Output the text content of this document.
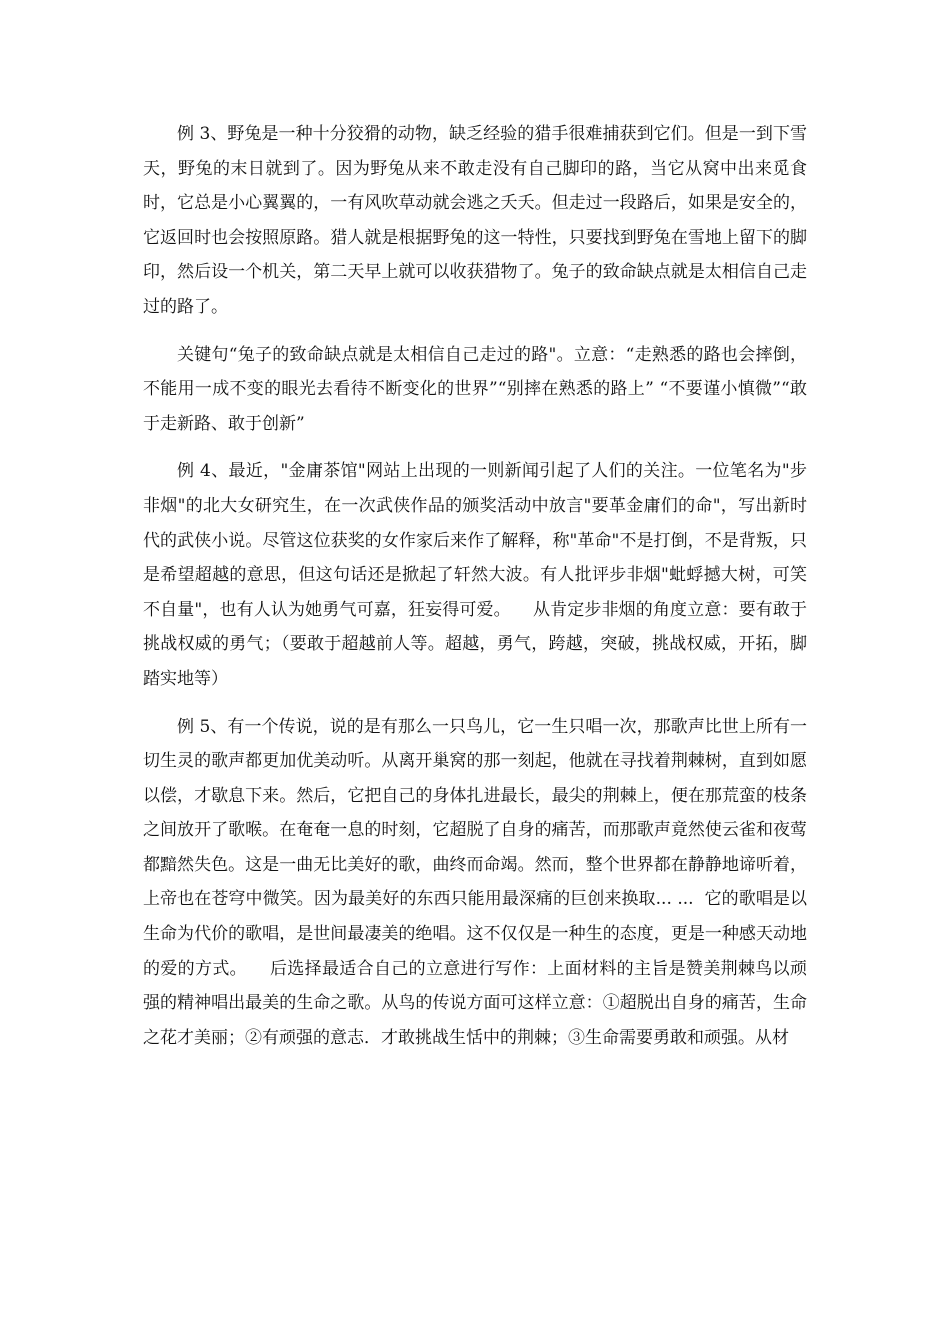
例 3、野兔是一种十分狡猾的动物，缺乏经验的猎手很难捕获到它们。但是一到下雪天，野兔的末日就到了。因为野兔从来不敢走没有自己脚印的路，当它从窝中出来觅食时，它总是小心翼翼的，一有风吹草动就会逃之夭夭。但走过一段路后，如果是安全的，它返回时也会按照原路。猎人就是根据野兔的这一特性，只要找到野兔在雪地上留下的脚印，然后设一个机关，第二天早上就可以收获猎物了。兔子的致命缺点就是太相信自己走过的路了。

关键句“兔子的致命缺点就是太相信自己走过的路"。立意：“走熟悉的路也会摔倒，不能用一成不变的眼光去看待不断变化的世界”“别摔在熟悉的路上” “不要谨小慎微”“敢于走新路、敢于创新”

例 4、最近，"金庸茶馆"网站上出现的一则新闻引起了人们的关注。一位笔名为"步非烟"的北大女研究生，在一次武侠作品的颁奖活动中放言"要革金庸们的命"，写出新时代的武侠小说。尽管这位获奖的女作家后来作了解释，称"革命"不是打倒，不是背叛，只是希望超越的意思，但这句话还是掀起了轩然大波。有人批评步非烟"蚍蜉撼大树，可笑不自量"，也有人认为她勇气可嘉，狂妄得可爱。    从肯定步非烟的角度立意：要有敢于挑战权威的勇气；（要敢于超越前人等。超越，勇气，跨越，突破，挑战权威，开拓，脚踏实地等）

例 5、有一个传说，说的是有那么一只鸟儿，它一生只唱一次，那歌声比世上所有一切生灵的歌声都更加优美动听。从离开巢窝的那一刻起，他就在寻找着荆棘树，直到如愿以偿，才歇息下来。然后，它把自己的身体扎进最长，最尖的荆棘上，便在那荒蛮的枝条之间放开了歌喉。在奄奄一息的时刻，它超脱了自身的痛苦，而那歌声竟然使云雀和夜莺都黯然失色。这是一曲无比美好的歌，曲终而命竭。然而，整个世界都在静静地谛听着，上帝也在苍穹中微笑。因为最美好的东西只能用最深痛的巨创来换取... ...  它的歌唱是以生命为代价的歌唱，是世间最凄美的绝唱。这不仅仅是一种生的态度，更是一种感天动地的爱的方式。    后选择最适合自己的立意进行写作：上面材料的主旨是赞美荆棘鸟以顽强的精神唱出最美的生命之歌。从鸟的传说方面可这样立意：①超脱出自身的痛苦，生命之花才美丽；②有顽强的意志．才敢挑战生恬中的荆棘；③生命需要勇敢和顽强。从材
